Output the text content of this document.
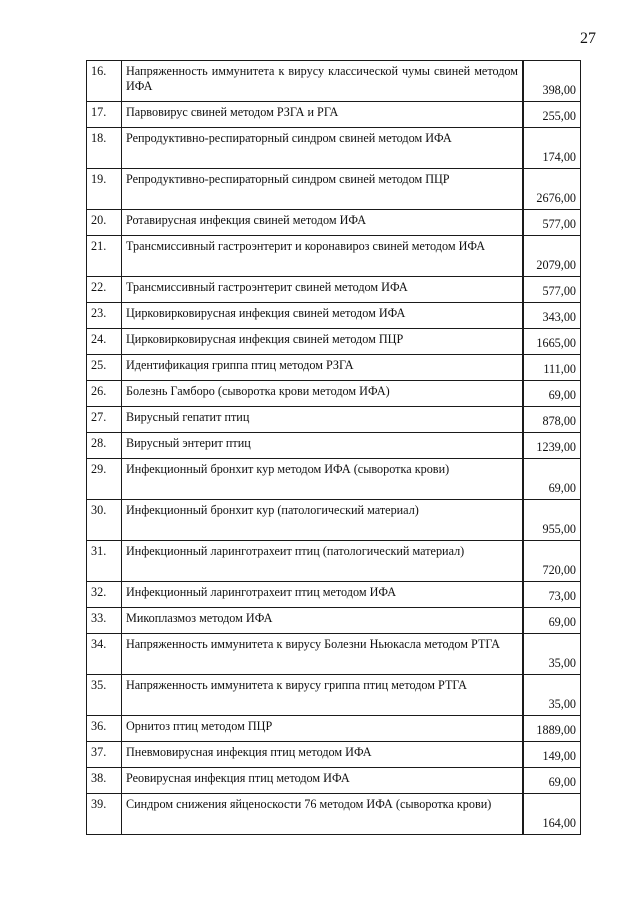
27
16.	Напряженность иммунитета к вирусу классической чумы свиней методом ИФА		398,00
17.	Парвовирус свиней методом РЗГА и РГА		255,00
18.	Репродуктивно-респираторный синдром свиней методом ИФА		174,00
19.	Репродуктивно-респираторный синдром свиней методом ПЦР		2676,00
20.	Ротавирусная инфекция свиней методом ИФА		577,00
21.	Трансмиссивный гастроэнтерит и коронавироз свиней методом ИФА		2079,00
22.	Трансмиссивный гастроэнтерит свиней методом ИФА		577,00
23.	Цирковирковирусная инфекция свиней методом ИФА		343,00
24.	Цирковирковирусная инфекция свиней методом ПЦР		1665,00
25.	Идентификация гриппа птиц методом РЗГА		111,00
26.	Болезнь Гамборо (сыворотка крови методом ИФА)		69,00
27.	Вирусный гепатит птиц		878,00
28.	Вирусный энтерит птиц		1239,00
29.	Инфекционный бронхит кур методом ИФА (сыворотка крови)		69,00
30.	Инфекционный бронхит кур (патологический материал)		955,00
31.	Инфекционный ларинготрахеит птиц (патологический материал)		720,00
32.	Инфекционный ларинготрахеит птиц методом ИФА		73,00
33.	Микоплазмоз методом ИФА		69,00
34.	Напряженность иммунитета к вирусу Болезни Ньюкасла методом РТГА		35,00
35.	Напряженность иммунитета к вирусу гриппа птиц методом РТГА		35,00
36.	Орнитоз птиц методом ПЦР		1889,00
37.	Пневмовирусная инфекция птиц методом ИФА		149,00
38.	Реовирусная инфекция птиц методом ИФА		69,00
39.	Синдром снижения яйценоскости 76 методом ИФА (сыворотка крови)		164,00
